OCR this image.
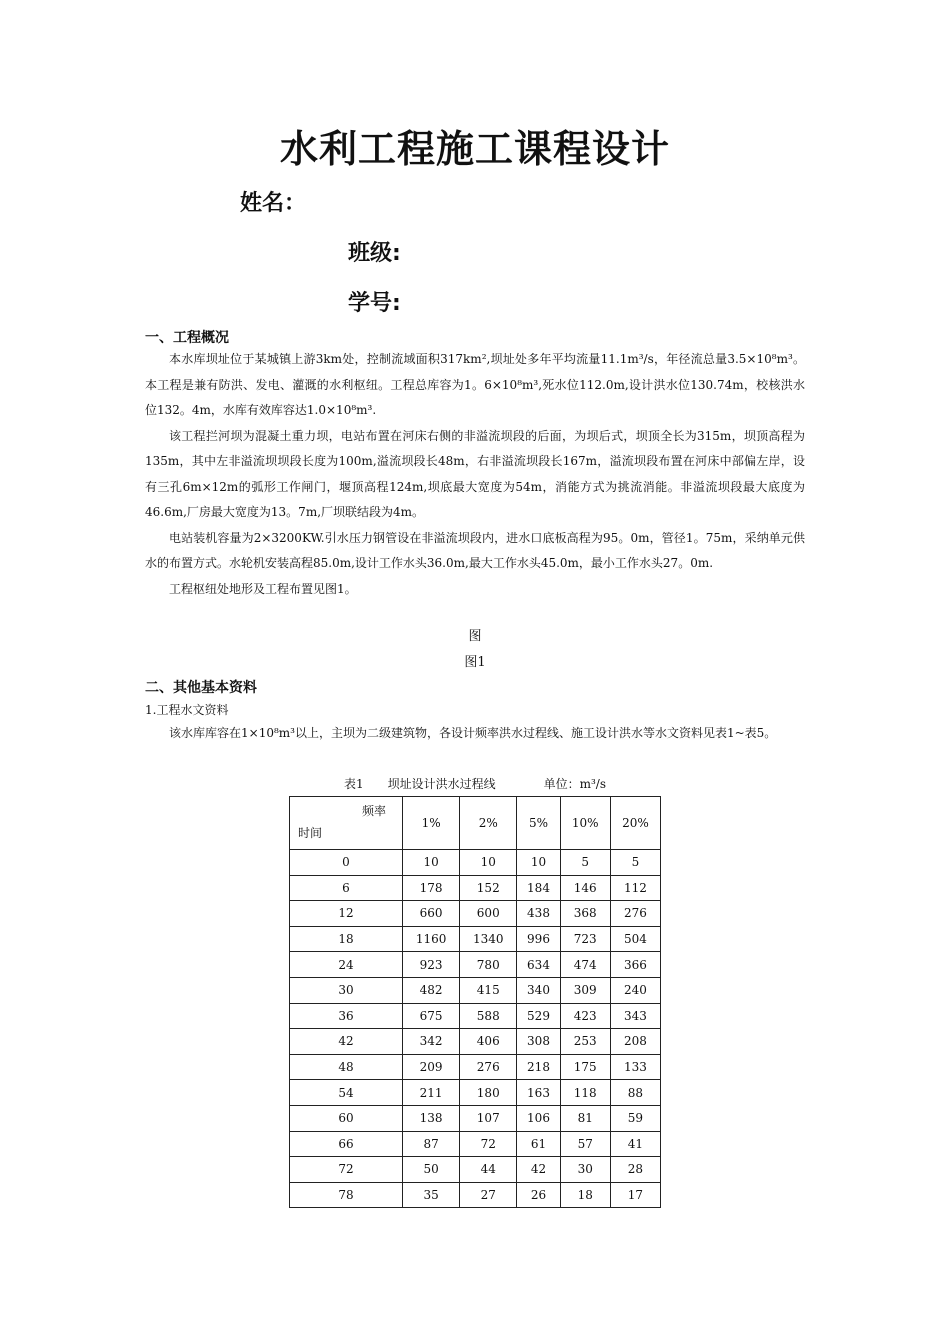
水利工程施工课程设计
姓名：
班级:
学号:
一、工程概况

本水库坝址位于某城镇上游3km处，控制流域面积317km²,坝址处多年平均流量11.1m³/s，年径流总量3.5×10⁸m³。本工程是兼有防洪、发电、灌溉的水利枢纽。工程总库容为1。6×10⁸m³,死水位112.0m,设计洪水位130.74m，校核洪水位132。4m，水库有效库容达1.0×10⁸m³.

该工程拦河坝为混凝土重力坝，电站布置在河床右侧的非溢流坝段的后面，为坝后式，坝顶全长为315m，坝顶高程为135m，其中左非溢流坝坝段长度为100m,溢流坝段长48m，右非溢流坝段长167m，溢流坝段布置在河床中部偏左岸，设有三孔6m×12m的弧形工作闸门，堰顶高程124m,坝底最大宽度为54m，消能方式为挑流消能。非溢流坝段最大底度为46.6m,厂房最大宽度为13。7m,厂坝联结段为4m。

电站装机容量为2×3200KW.引水压力钢管设在非溢流坝段内，进水口底板高程为95。0m，管径1。75m，采纳单元供水的布置方式。水轮机安装高程85.0m,设计工作水头36.0m,最大工作水头45.0m，最小工作水头27。0m.

工程枢纽处地形及工程布置见图1。

图
图1
二、其他基本资料
1.工程水文资料

该水库库容在1×10⁸m³以上，主坝为二级建筑物，各设计频率洪水过程线、施工设计洪水等水文资料见表1~表5。

表1　　坝址设计洪水过程线　　　　单位：m³/s
频率
时间	1%	2%	5%	10%	20%
0	10	10	10	5	5
6	178	152	184	146	112
12	660	600	438	368	276
18	1160	1340	996	723	504
24	923	780	634	474	366
30	482	415	340	309	240
36	675	588	529	423	343
42	342	406	308	253	208
48	209	276	218	175	133
54	211	180	163	118	88
60	138	107	106	81	59
66	87	72	61	57	41
72	50	44	42	30	28
78	35	27	26	18	17
